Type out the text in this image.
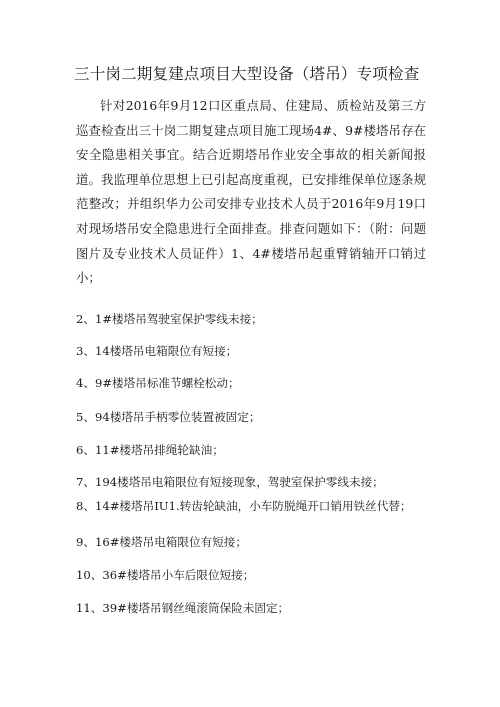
三十岗二期复建点项目大型设备（塔吊）专项检查

针对2016年9月12口区重点局、住建局、质检站及第三方巡查检查出三十岗二期复建点项目施工现场4#、9#楼塔吊存在安全隐患相关事宜。结合近期塔吊作业安全事故的相关新闻报道。我监理单位思想上已引起高度重视，已安排维保单位逐条规范整改；并组织华力公司安排专业技术人员于2016年9月19口对现场塔吊安全隐患进行全面排查。排查问题如下：（附：问题图片及专业技术人员证件）1、4#楼塔吊起重臂销轴开口销过小；

2、1#楼塔吊驾驶室保护零线未接；
3、14楼塔吊电箱限位有短接；
4、9#楼塔吊标准节螺栓松动；
5、94楼塔吊手柄零位装置被固定；
6、11#楼塔吊排绳轮缺油；
7、194楼塔吊电箱限位有短接现象，驾驶室保护零线未接；
8、14#楼塔吊IU1.转齿轮缺油，小车防脱绳开口销用铁丝代替；
9、16#楼塔吊电箱限位有短接；
10、36#楼塔吊小车后限位短接；
11、39#楼塔吊钢丝绳滚筒保险未固定；
